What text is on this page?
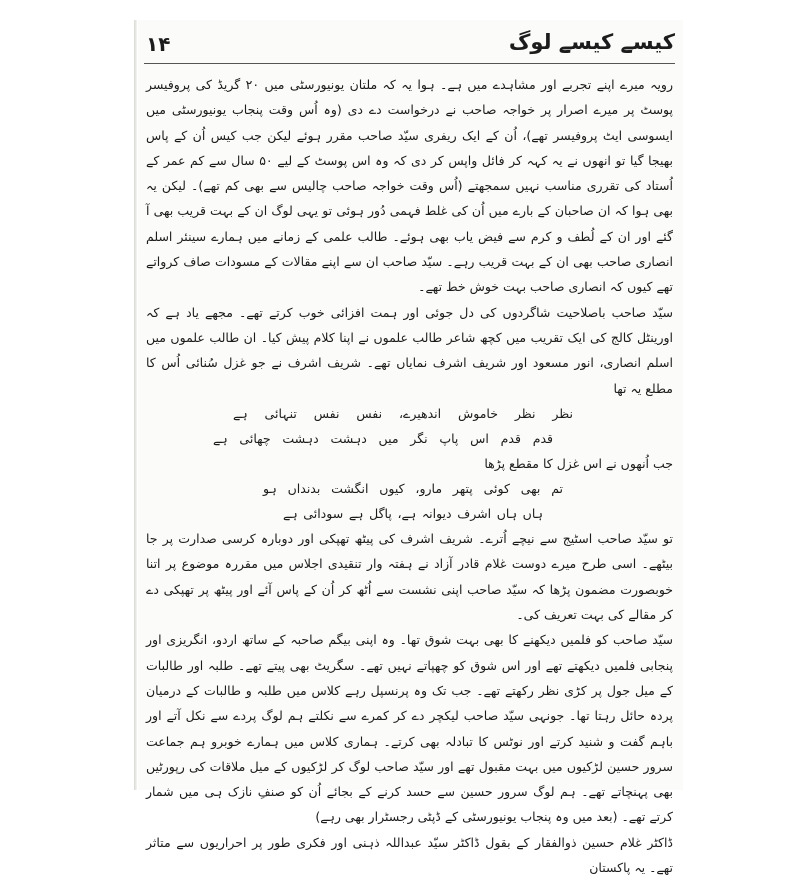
۱۴	کیسے کیسے لوگ

رویہ میرے اپنے تجربے اور مشاہدے میں ہے۔ ہوا یہ کہ ملتان یونیورسٹی میں ۲۰ گریڈ کی پروفیسر پوسٹ پر میرے اصرار پر خواجہ صاحب نے درخواست دے دی (وہ اُس وقت پنجاب یونیورسٹی میں ایسوسی ایٹ پروفیسر تھے)، اُن کے ایک ریفری سیّد صاحب مقرر ہوئے لیکن جب کیس اُن کے پاس بھیجا گیا تو انھوں نے یہ کہہ کر فائل واپس کر دی کہ وہ اس پوسٹ کے لیے ۵۰ سال سے کم عمر کے اُستاد کی تقرری مناسب نہیں سمجھتے (اُس وقت خواجہ صاحب چالیس سے بھی کم تھے)۔ لیکن یہ بھی ہوا کہ ان صاحبان کے بارے میں اُن کی غلط فہمی دُور ہوئی تو یہی لوگ ان کے بہت قریب بھی آ گئے اور ان کے لُطف و کرم سے فیض یاب بھی ہوئے۔ طالب علمی کے زمانے میں ہمارے سینئر اسلم انصاری صاحب بھی ان کے بہت قریب رہے۔ سیّد صاحب ان سے اپنے مقالات کے مسودات صاف کرواتے تھے کیوں کہ انصاری صاحب بہت خوش خط تھے۔

سیّد صاحب باصلاحیت شاگردوں کی دل جوئی اور ہمت افزائی خوب کرتے تھے۔ مجھے یاد ہے کہ اورینٹل کالج کی ایک تقریب میں کچھ شاعر طالب علموں نے اپنا کلام پیش کیا۔ ان طالب علموں میں اسلم انصاری، انور مسعود اور شریف اشرف نمایاں تھے۔ شریف اشرف نے جو غزل سُنائی اُس کا مطلع یہ تھا

نظر نظر خاموش اندھیرے، نفس نفس تنہائی ہے
قدم قدم اس پاپ نگر میں دہشت دہشت چھائی ہے

جب اُنھوں نے اس غزل کا مقطع پڑھا

تم بھی کوئی پتھر مارو، کیوں انگشت بدنداں ہو
ہاں ہاں اشرف دیوانہ ہے، پاگل ہے سودائی ہے

تو سیّد صاحب اسٹیج سے نیچے اُترے۔ شریف اشرف کی پیٹھ تھپکی اور دوبارہ کرسی صدارت پر جا بیٹھے۔ اسی طرح میرے دوست غلام قادر آزاد نے ہفتہ وار تنقیدی اجلاس میں مقررہ موضوع پر اتنا خوبصورت مضمون پڑھا کہ سیّد صاحب اپنی نشست سے اُٹھ کر اُن کے پاس آئے اور پیٹھ پر تھپکی دے کر مقالے کی بہت تعریف کی۔

سیّد صاحب کو فلمیں دیکھنے کا بھی بہت شوق تھا۔ وہ اپنی بیگم صاحبہ کے ساتھ اردو، انگریزی اور پنجابی فلمیں دیکھتے تھے اور اس شوق کو چھپاتے نہیں تھے۔ سگریٹ بھی پیتے تھے۔ طلبہ اور طالبات کے میل جول پر کڑی نظر رکھتے تھے۔ جب تک وہ پرنسپل رہے کلاس میں طلبہ و طالبات کے درمیان پردہ حائل رہتا تھا۔ جونہی سیّد صاحب لیکچر دے کر کمرے سے نکلتے ہم لوگ پردے سے نکل آتے اور باہم گفت و شنید کرتے اور نوٹس کا تبادلہ بھی کرتے۔ ہماری کلاس میں ہمارے خوبرو ہم جماعت سرور حسین لڑکیوں میں بہت مقبول تھے اور سیّد صاحب لوگ کر لڑکیوں کے میل ملاقات کی رپورٹیں بھی پہنچاتے تھے۔ ہم لوگ سرور حسین سے حسد کرنے کے بجائے اُن کو صنفِ نازک ہی میں شمار کرتے تھے۔ (بعد میں وہ پنجاب یونیورسٹی کے ڈپٹی رجسٹرار بھی رہے)

ڈاکٹر غلام حسین ذوالفقار کے بقول ڈاکٹر سیّد عبداللہ ذہنی اور فکری طور پر احراریوں سے متاثر تھے۔ یہ پاکستان
